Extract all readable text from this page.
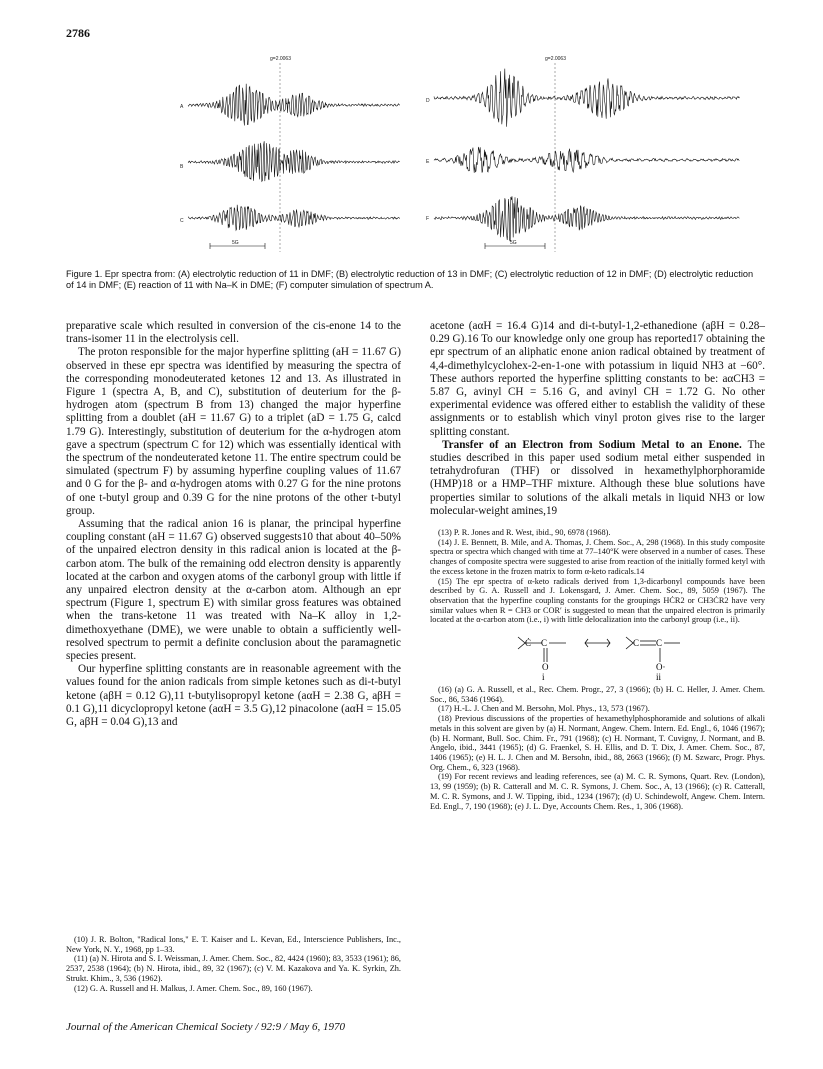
2786
g=2.0063	g=2.0063
A
B
C
D
E
F
5G	5G
Figure 1. Epr spectra from: (A) electrolytic reduction of 11 in DMF; (B) electrolytic reduction of 13 in DMF; (C) electrolytic reduction of 12 in DMF; (D) electrolytic reduction of 14 in DMF; (E) reaction of 11 with Na–K in DME; (F) computer simulation of spectrum A.

preparative scale which resulted in conversion of the cis-enone 14 to the trans-isomer 11 in the electrolysis cell.

The proton responsible for the major hyperfine splitting (aH = 11.67 G) observed in these epr spectra was identified by measuring the spectra of the corresponding monodeuterated ketones 12 and 13. As illustrated in Figure 1 (spectra A, B, and C), substitution of deuterium for the β-hydrogen atom (spectrum B from 13) changed the major hyperfine splitting from a doublet (aH = 11.67 G) to a triplet (aD = 1.75 G, calcd 1.79 G). Interestingly, substitution of deuterium for the α-hydrogen atom gave a spectrum (spectrum C for 12) which was essentially identical with the spectrum of the nondeuterated ketone 11. The entire spectrum could be simulated (spectrum F) by assuming hyperfine coupling values of 11.67 and 0 G for the β- and α-hydrogen atoms with 0.27 G for the nine protons of one t-butyl group and 0.39 G for the nine protons of the other t-butyl group.

Assuming that the radical anion 16 is planar, the principal hyperfine coupling constant (aH = 11.67 G) observed suggests10 that about 40–50% of the unpaired electron density in this radical anion is located at the β-carbon atom. The bulk of the remaining odd electron density is apparently located at the carbon and oxygen atoms of the carbonyl group with little if any unpaired electron density at the α-carbon atom. Although an epr spectrum (Figure 1, spectrum E) with similar gross features was obtained when the trans-ketone 11 was treated with Na–K alloy in 1,2-dimethoxyethane (DME), we were unable to obtain a sufficiently well-resolved spectrum to permit a definite conclusion about the paramagnetic species present.

Our hyperfine splitting constants are in reasonable agreement with the values found for the anion radicals from simple ketones such as di-t-butyl ketone (aβH = 0.12 G),11 t-butylisopropyl ketone (aαH = 2.38 G, aβH = 0.1 G),11 dicyclopropyl ketone (aαH = 3.5 G),12 pinacolone (aαH = 15.05 G, aβH = 0.04 G),13 and

(10) J. R. Bolton, "Radical Ions," E. T. Kaiser and L. Kevan, Ed., Interscience Publishers, Inc., New York, N. Y., 1968, pp 1–33.

(11) (a) N. Hirota and S. I. Weissman, J. Amer. Chem. Soc., 82, 4424 (1960); 83, 3533 (1961); 86, 2537, 2538 (1964); (b) N. Hirota, ibid., 89, 32 (1967); (c) V. M. Kazakova and Ya. K. Syrkin, Zh. Strukt. Khim., 3, 536 (1962).

(12) G. A. Russell and H. Malkus, J. Amer. Chem. Soc., 89, 160 (1967).

acetone (aαH = 16.4 G)14 and di-t-butyl-1,2-ethanedione (aβH = 0.28–0.29 G).16 To our knowledge only one group has reported17 obtaining the epr spectrum of an aliphatic enone anion radical obtained by treatment of 4,4-dimethylcyclohex-2-en-1-one with potassium in liquid NH3 at −60°. These authors reported the hyperfine splitting constants to be: aαCH3 = 5.87 G, avinyl CH = 5.16 G, and avinyl CH = 1.72 G. No other experimental evidence was offered either to establish the validity of these assignments or to establish which vinyl proton gives rise to the larger splitting constant.

Transfer of an Electron from Sodium Metal to an Enone. The studies described in this paper used sodium metal either suspended in tetrahydrofuran (THF) or dissolved in hexamethylphorphoramide (HMP)18 or a HMP–THF mixture. Although these blue solutions have properties similar to solutions of the alkali metals in liquid NH3 or low molecular-weight amines,19

(13) P. R. Jones and R. West, ibid., 90, 6978 (1968).

(14) J. E. Bennett, B. Mile, and A. Thomas, J. Chem. Soc., A, 298 (1968). In this study composite spectra or spectra which changed with time at 77–140°K were observed in a number of cases. These changes of composite spectra were suggested to arise from reaction of the initially formed ketyl with the excess ketone in the frozen matrix to form α-keto radicals.14

(15) The epr spectra of α-keto radicals derived from 1,3-dicarbonyl compounds have been described by G. A. Russell and J. Lokensgard, J. Amer. Chem. Soc., 89, 5059 (1967). The observation that the hyperfine coupling constants for the groupings HĊR2 or CH3ĊR2 have very similar values when R = CH3 or COR′ is suggested to mean that the unpaired electron is primarily located at the α-carbon atom (i.e., i) with little delocalization into the carbonyl group (i.e., ii).

Ċ C
O
C C
O·
i	ii

(16) (a) G. A. Russell, et al., Rec. Chem. Progr., 27, 3 (1966); (b) H. C. Heller, J. Amer. Chem. Soc., 86, 5346 (1964).

(17) H.-L. J. Chen and M. Bersohn, Mol. Phys., 13, 573 (1967).

(18) Previous discussions of the properties of hexamethylphosphoramide and solutions of alkali metals in this solvent are given by (a) H. Normant, Angew. Chem. Intern. Ed. Engl., 6, 1046 (1967); (b) H. Normant, Bull. Soc. Chim. Fr., 791 (1968); (c) H. Normant, T. Cuvigny, J. Normant, and B. Angelo, ibid., 3441 (1965); (d) G. Fraenkel, S. H. Ellis, and D. T. Dix, J. Amer. Chem. Soc., 87, 1406 (1965); (e) H. L. J. Chen and M. Bersohn, ibid., 88, 2663 (1966); (f) M. Szwarc, Progr. Phys. Org. Chem., 6, 323 (1968).

(19) For recent reviews and leading references, see (a) M. C. R. Symons, Quart. Rev. (London), 13, 99 (1959); (b) R. Catterall and M. C. R. Symons, J. Chem. Soc., A, 13 (1966); (c) R. Catterall, M. C. R. Symons, and J. W. Tipping, ibid., 1234 (1967); (d) U. Schindewolf, Angew. Chem. Intern. Ed. Engl., 7, 190 (1968); (e) J. L. Dye, Accounts Chem. Res., 1, 306 (1968).

Journal of the American Chemical Society / 92:9 / May 6, 1970
